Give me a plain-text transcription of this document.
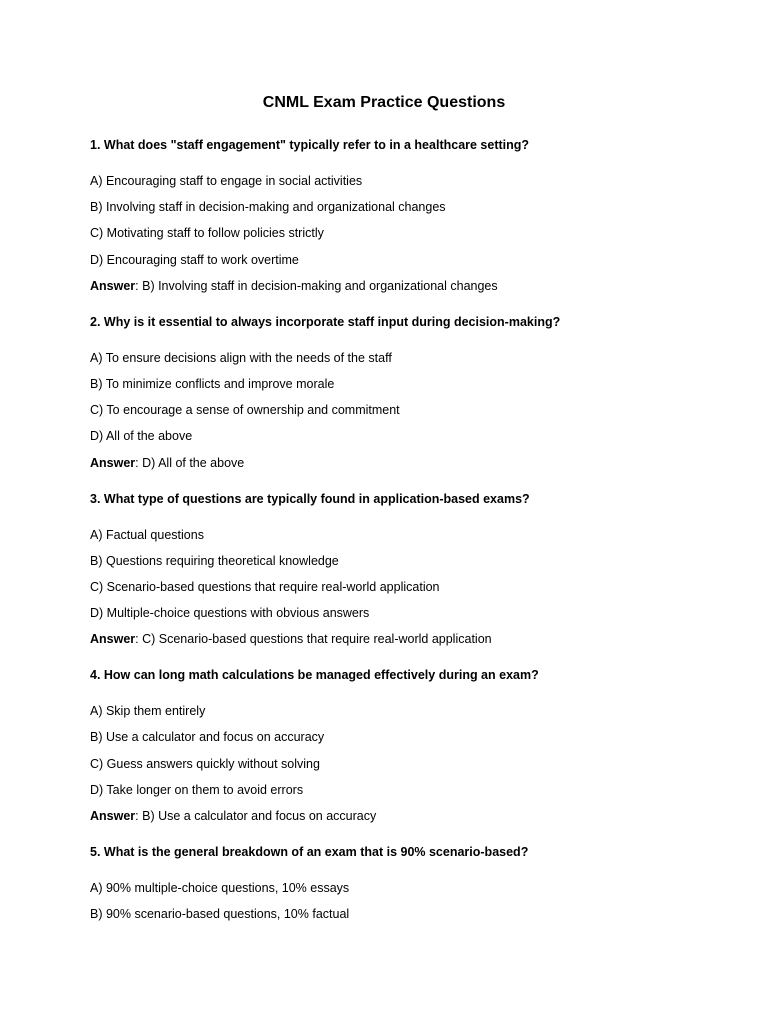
CNML Exam Practice Questions
1. What does "staff engagement" typically refer to in a healthcare setting?
A) Encouraging staff to engage in social activities
B) Involving staff in decision-making and organizational changes
C) Motivating staff to follow policies strictly
D) Encouraging staff to work overtime
Answer: B) Involving staff in decision-making and organizational changes
2. Why is it essential to always incorporate staff input during decision-making?
A) To ensure decisions align with the needs of the staff
B) To minimize conflicts and improve morale
C) To encourage a sense of ownership and commitment
D) All of the above
Answer: D) All of the above
3. What type of questions are typically found in application-based exams?
A) Factual questions
B) Questions requiring theoretical knowledge
C) Scenario-based questions that require real-world application
D) Multiple-choice questions with obvious answers
Answer: C) Scenario-based questions that require real-world application
4. How can long math calculations be managed effectively during an exam?
A) Skip them entirely
B) Use a calculator and focus on accuracy
C) Guess answers quickly without solving
D) Take longer on them to avoid errors
Answer: B) Use a calculator and focus on accuracy
5. What is the general breakdown of an exam that is 90% scenario-based?
A) 90% multiple-choice questions, 10% essays
B) 90% scenario-based questions, 10% factual
